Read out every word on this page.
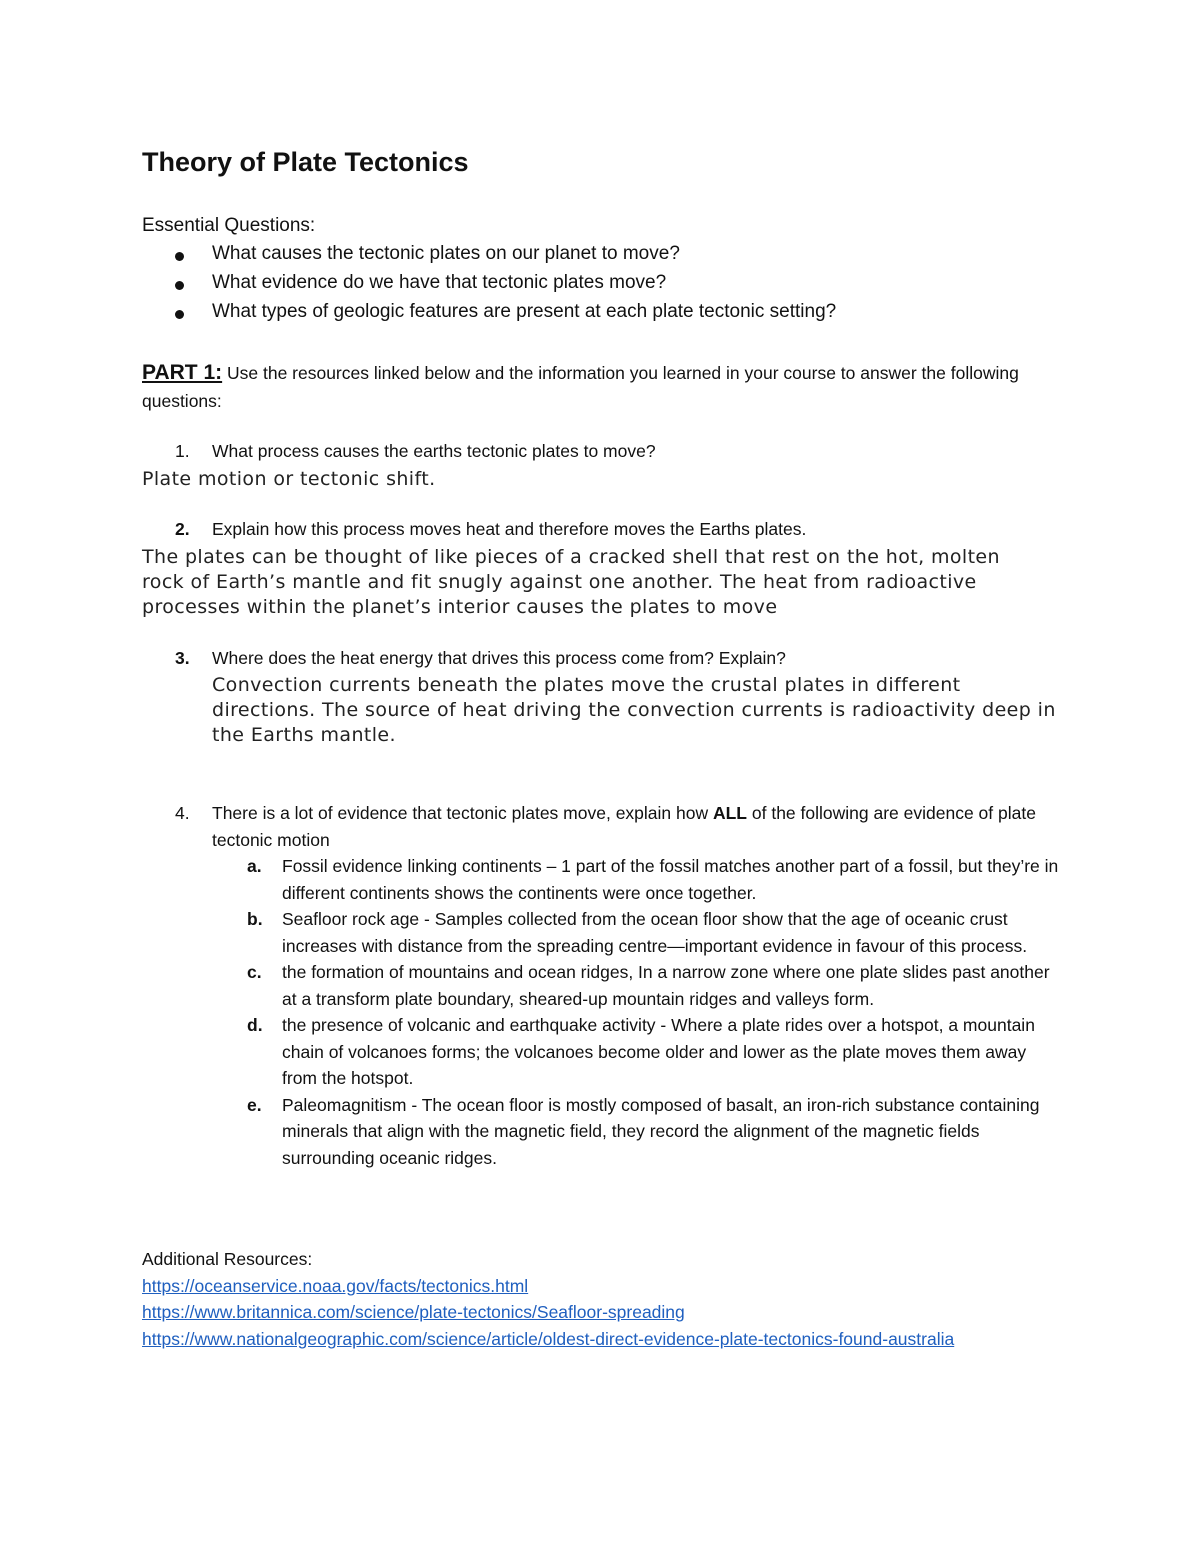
Theory of Plate Tectonics
Essential Questions:
What causes the tectonic plates on our planet to move?
What evidence do we have that tectonic plates move?
What types of geologic features are present at each plate tectonic setting?
PART 1: Use the resources linked below and the information you learned in your course to answer the following questions:
1. What process causes the earths tectonic plates to move?
Plate motion or tectonic shift.
2. Explain how this process moves heat and therefore moves the Earths plates.
The plates can be thought of like pieces of a cracked shell that rest on the hot, molten rock of Earth’s mantle and fit snugly against one another. The heat from radioactive processes within the planet’s interior causes the plates to move
3. Where does the heat energy that drives this process come from? Explain?
Convection currents beneath the plates move the crustal plates in different directions. The source of heat driving the convection currents is radioactivity deep in the Earths mantle.
4. There is a lot of evidence that tectonic plates move, explain how ALL of the following are evidence of plate tectonic motion
a. Fossil evidence linking continents – 1 part of the fossil matches another part of a fossil, but they’re in different continents shows the continents were once together.
b. Seafloor rock age - Samples collected from the ocean floor show that the age of oceanic crust increases with distance from the spreading centre—important evidence in favour of this process.
c. the formation of mountains and ocean ridges, In a narrow zone where one plate slides past another at a transform plate boundary, sheared-up mountain ridges and valleys form.
d. the presence of volcanic and earthquake activity - Where a plate rides over a hotspot, a mountain chain of volcanoes forms; the volcanoes become older and lower as the plate moves them away from the hotspot.
e. Paleomagnitism - The ocean floor is mostly composed of basalt, an iron-rich substance containing minerals that align with the magnetic field, they record the alignment of the magnetic fields surrounding oceanic ridges.
Additional Resources:
https://oceanservice.noaa.gov/facts/tectonics.html
https://www.britannica.com/science/plate-tectonics/Seafloor-spreading
https://www.nationalgeographic.com/science/article/oldest-direct-evidence-plate-tectonics-found-australia
